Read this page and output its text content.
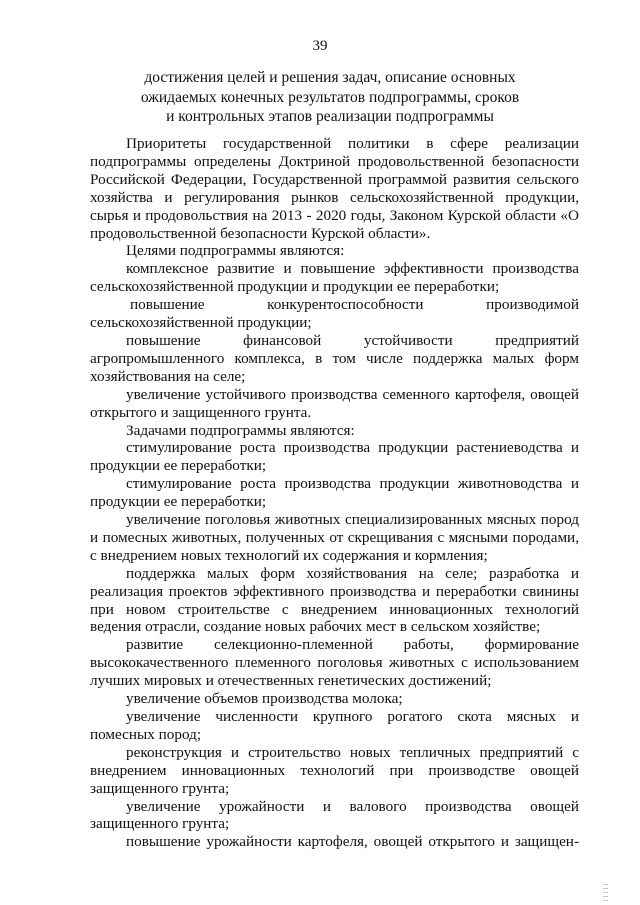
39
достижения целей и решения задач, описание основных
ожидаемых конечных результатов подпрограммы, сроков
и контрольных этапов реализации подпрограммы

Приоритеты государственной политики в сфере реализации подпрограммы определены Доктриной продовольственной безопасности Российской Федерации, Государственной программой развития сельского хозяйства и регулирования рынков сельскохозяйственной продукции, сырья и продовольствия на 2013 - 2020 годы, Законом Курской области «О продовольственной безопасности Курской области».

Целями подпрограммы являются:

комплексное развитие и повышение эффективности производства сельскохозяйственной продукции и продукции ее переработки;

повышение конкурентоспособности производимой сельскохозяйственной продукции;

повышение финансовой устойчивости предприятий агропромышленного комплекса, в том числе поддержка малых форм хозяйствования на селе;

увеличение устойчивого производства семенного картофеля, овощей открытого и защищенного грунта.

Задачами подпрограммы являются:

стимулирование роста производства продукции растениеводства и продукции ее переработки;

стимулирование роста производства продукции животноводства и продукции ее переработки;

увеличение поголовья животных специализированных мясных пород и помесных животных, полученных от скрещивания с мясными породами, с внедрением новых технологий их содержания и кормления;

поддержка малых форм хозяйствования на селе; разработка и реализация проектов эффективного производства и переработки свинины при новом строительстве с внедрением инновационных технологий ведения отрасли, создание новых рабочих мест в сельском хозяйстве;

развитие селекционно-племенной работы, формирование высококачественного племенного поголовья животных с использованием лучших мировых и отечественных генетических достижений;

увеличение объемов производства молока;

увеличение численности крупного рогатого скота мясных и помесных пород;

реконструкция и строительство новых тепличных предприятий с внедрением инновационных технологий при производстве овощей защищенного грунта;

увеличение урожайности и валового производства овощей защищенного грунта;

повышение урожайности картофеля, овощей открытого и защищен-
